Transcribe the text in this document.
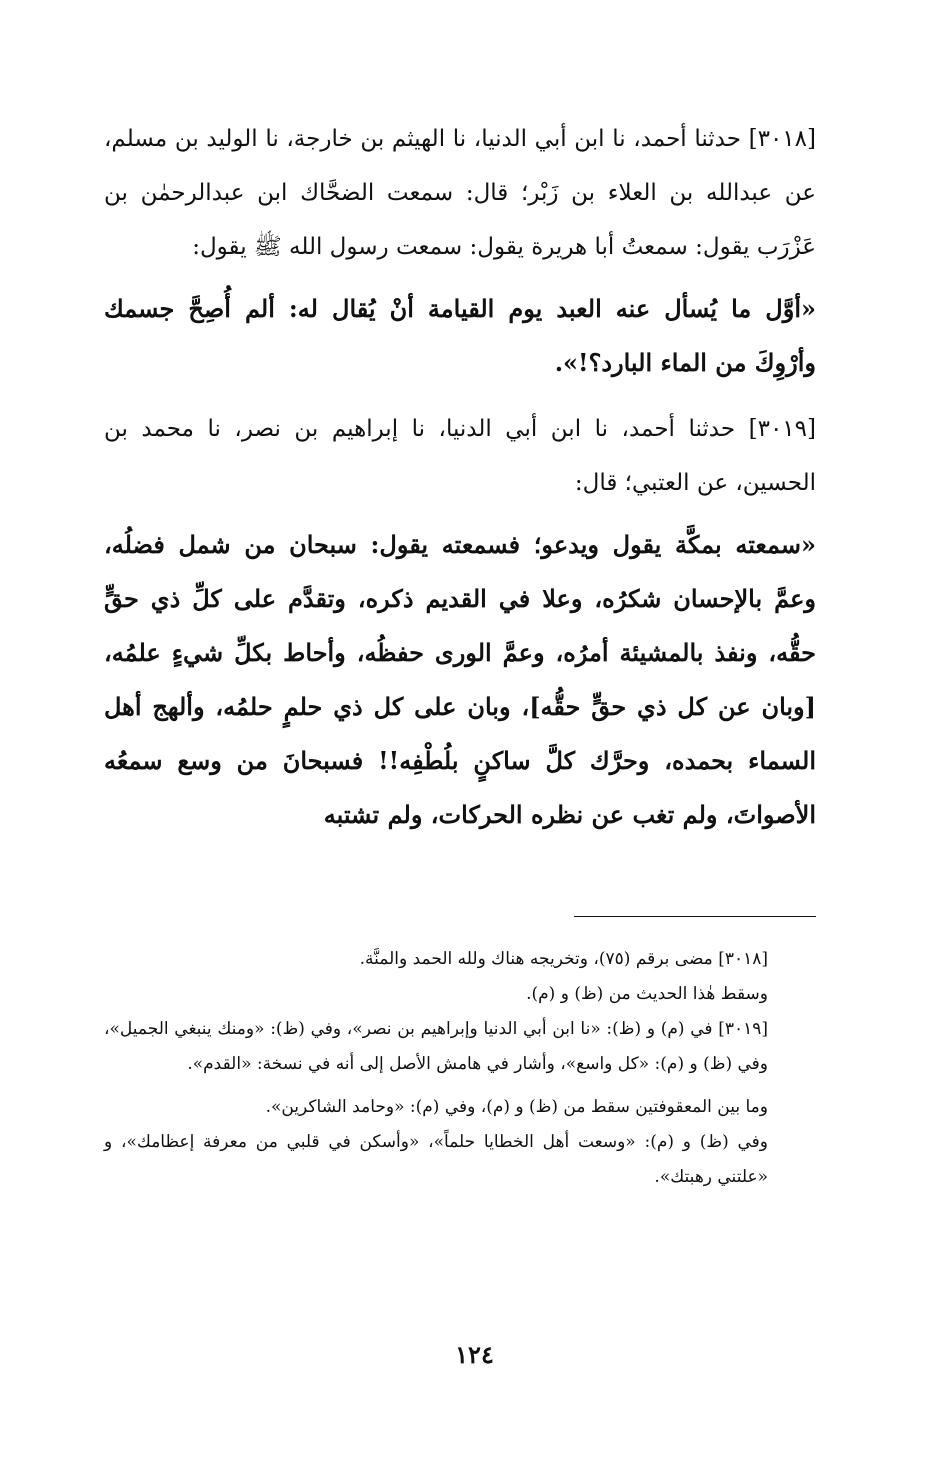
[٣٠١٨] حدثنا أحمد، نا ابن أبي الدنيا، نا الهيثم بن خارجة، نا الوليد بن مسلم، عن عبدالله بن العلاء بن زَبْر؛ قال: سمعت الضحَّاك ابن عبدالرحمٰن بن عَزْرَب يقول: سمعتُ أبا هريرة يقول: سمعت رسول الله ﷺ يقول:

«أوَّل ما يُسأل عنه العبد يوم القيامة أنْ يُقال له: ألم أُصِحَّ جسمك وأرْوِكَ من الماء البارد؟!».

[٣٠١٩] حدثنا أحمد، نا ابن أبي الدنيا، نا إبراهيم بن نصر، نا محمد بن الحسين، عن العتبي؛ قال:

«سمعته بمكَّة يقول ويدعو؛ فسمعته يقول: سبحان من شمل فضلُه، وعمَّ بالإحسان شكرُه، وعلا في القديم ذكره، وتقدَّم على كلِّ ذي حقٍّ حقُّه، ونفذ بالمشيئة أمرُه، وعمَّ الورى حفظُه، وأحاط بكلِّ شيءٍ علمُه، [وبان عن كل ذي حقٍّ حقُّه]، وبان على كل ذي حلمٍ حلمُه، وألهج أهل السماء بحمده، وحرَّك كلَّ ساكنٍ بلُطْفِه!! فسبحانَ من وسع سمعُه الأصواتَ، ولم تغب عن نظره الحركات، ولم تشتبه

[٣٠١٨] مضى برقم (٧٥)، وتخريجه هناك ولله الحمد والمنَّة.

وسقط هٰذا الحديث من (ظ) و (م).

[٣٠١٩] في (م) و (ظ): «نا ابن أبي الدنيا وإبراهيم بن نصر»، وفي (ظ): «ومنك ينبغي الجميل»، وفي (ظ) و (م): «كل واسع»، وأشار في هامش الأصل إلى أنه في نسخة: «القدم».

وما بين المعقوفتين سقط من (ظ) و (م)، وفي (م): «وحامد الشاكرين».

وفي (ظ) و (م): «وسعت أهل الخطايا حلماً»، «وأسكن في قلبي من معرفة إعظامك»، و «علتني رهبتك».

١٢٤
